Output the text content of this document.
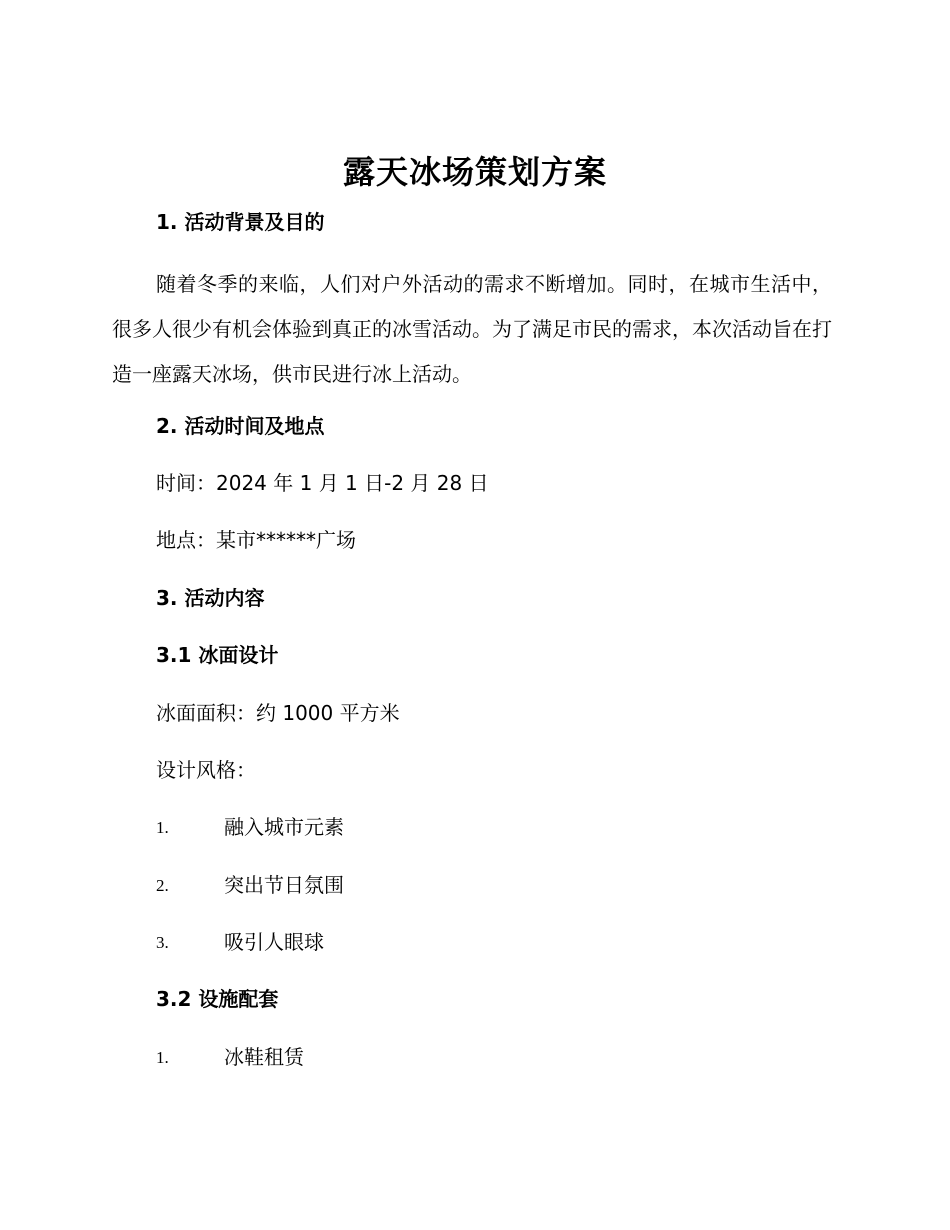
露天冰场策划方案
1. 活动背景及目的
随着冬季的来临，人们对户外活动的需求不断增加。同时，在城市生活中，很多人很少有机会体验到真正的冰雪活动。为了满足市民的需求，本次活动旨在打造一座露天冰场，供市民进行冰上活动。
2. 活动时间及地点
时间：2024 年 1 月 1 日-2 月 28 日
地点：某市******广场
3. 活动内容
3.1 冰面设计
冰面面积：约 1000 平方米
设计风格：
1.	融入城市元素
2.	突出节日氛围
3.	吸引人眼球
3.2 设施配套
1.	冰鞋租赁
